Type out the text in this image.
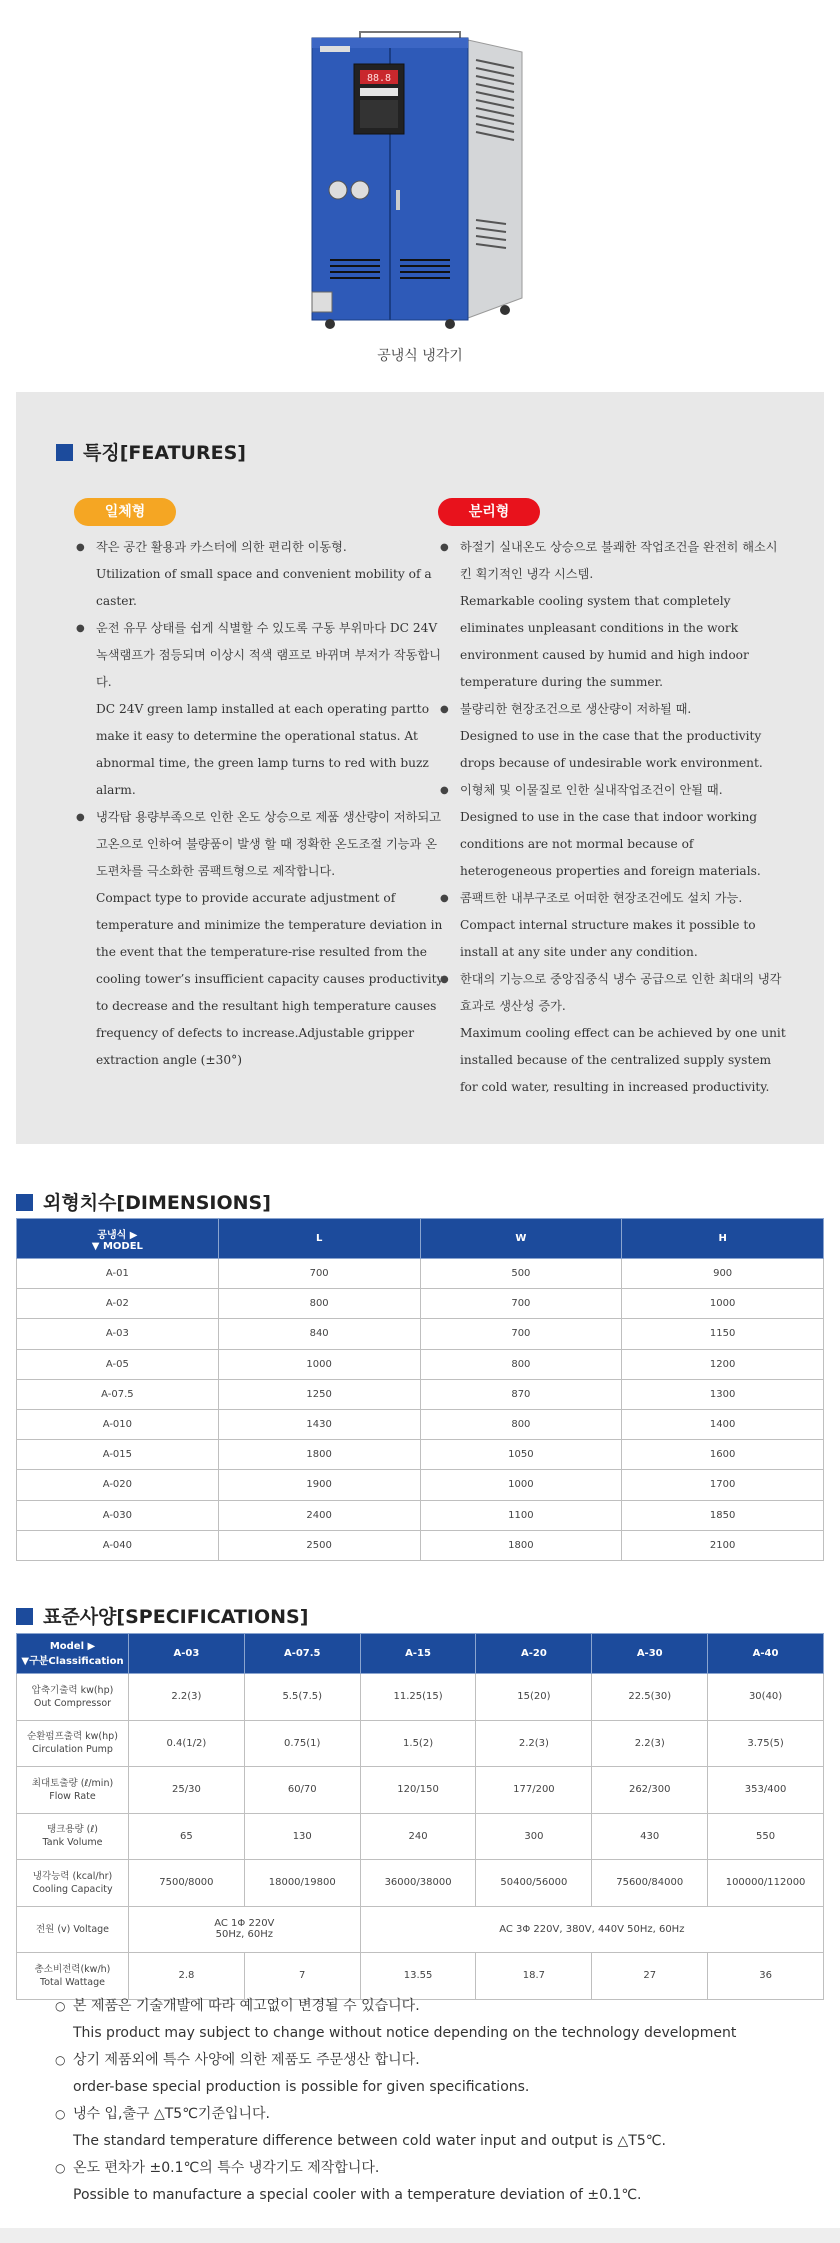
88.8
공냉식 냉각기
특징[FEATURES]
일체형	분리형
● 작은 공간 활용과 카스터에 의한 편리한 이동형.
Utilization of small space and convenient mobility of a caster.
● 운전 유무 상태를 쉽게 식별할 수 있도록 구동 부위마다 DC 24V 녹색램프가 점등되며 이상시 적색 램프로 바뀌며 부저가 작동합니다.
DC 24V green lamp installed at each operating partto make it easy to determine the operational status. At abnormal time, the green lamp turns to red with buzz alarm.
● 냉각탑 용량부족으로 인한 온도 상승으로 제품 생산량이 저하되고 고온으로 인하여 불량품이 발생 할 때 정확한 온도조절 기능과 온도편차를 극소화한 콤팩트형으로 제작합니다.
Compact type to provide accurate adjustment of temperature and minimize the temperature deviation in the event that the temperature-rise resulted from the cooling tower’s insufficient capacity causes productivity to decrease and the resultant high temperature causes frequency of defects to increase.Adjustable gripper extraction angle (±30°)
● 하절기 실내온도 상승으로 불쾌한 작업조건을 완전히 해소시킨 획기적인 냉각 시스템.
Remarkable cooling system that completely eliminates unpleasant conditions in the work
environment caused by humid and high indoor temperature during the summer.
● 불량리한 현장조건으로 생산량이 저하될 때.
Designed to use in the case that the productivity drops because of undesirable work environment.
● 이형체 및 이물질로 인한 실내작업조건이 안될 때.
Designed to use in the case that indoor working conditions are not mormal because of heterogeneous properties and foreign materials.
● 콤팩트한 내부구조로 어떠한 현장조건에도 설치 가능.
Compact internal structure makes it possible to install at any site under any condition.
● 한대의 기능으로 중앙집중식 냉수 공급으로 인한 최대의 냉각효과로 생산성 증가.
Maximum cooling effect can be achieved by one unit installed because of the centralized supply system for cold water, resulting in increased productivity.
외형치수[DIMENSIONS]
공냉식 ▶
▼ MODEL	L	W	H
A-01	700	500	900
A-02	800	700	1000
A-03	840	700	1150
A-05	1000	800	1200
A-07.5	1250	870	1300
A-010	1430	800	1400
A-015	1800	1050	1600
A-020	1900	1000	1700
A-030	2400	1100	1850
A-040	2500	1800	2100
표준사양[SPECIFICATIONS]
Model ▶
▼구분Classification	A-03	A-07.5	A-15	A-20	A-30	A-40

압축기출력 kw(hp)
Out Compressor	2.2(3)	5.5(7.5)	11.25(15)	15(20)	22.5(30)	30(40)

순환펌프출력 kw(hp)
Circulation Pump	0.4(1/2)	0.75(1)	1.5(2)	2.2(3)	2.2(3)	3.75(5)

최대토출량 (ℓ/min)
Flow Rate	25/30	60/70	120/150	177/200	262/300	353/400

탱크용량 (ℓ)
Tank Volume	65	130	240	300	430	550

냉각능력 (kcal/hr)
Cooling Capacity	7500/8000	18000/19800	36000/38000	50400/56000	75600/84000	100000/112000

전원 (v) Voltage	AC 1Φ 220V
50Hz, 60Hz		AC 3Φ 220V, 380V, 440V 50Hz, 60Hz			

총소비전력(kw/h)
Total Wattage	2.8	7	13.55	18.7	27	36
○ 본 제품은 기술개발에 따라 예고없이 변경될 수 있습니다.
This product may subject to change without notice depending on the technology development
○ 상기 제품외에 특수 사양에 의한 제품도 주문생산 합니다.
order-base special production is possible for given specifications.
○ 냉수 입,출구 △T5℃기준입니다.
The standard temperature difference between cold water input and output is △T5℃.
○ 온도 편차가 ±0.1℃의 특수 냉각기도 제작합니다.
Possible to manufacture a special cooler with a temperature deviation of ±0.1℃.
